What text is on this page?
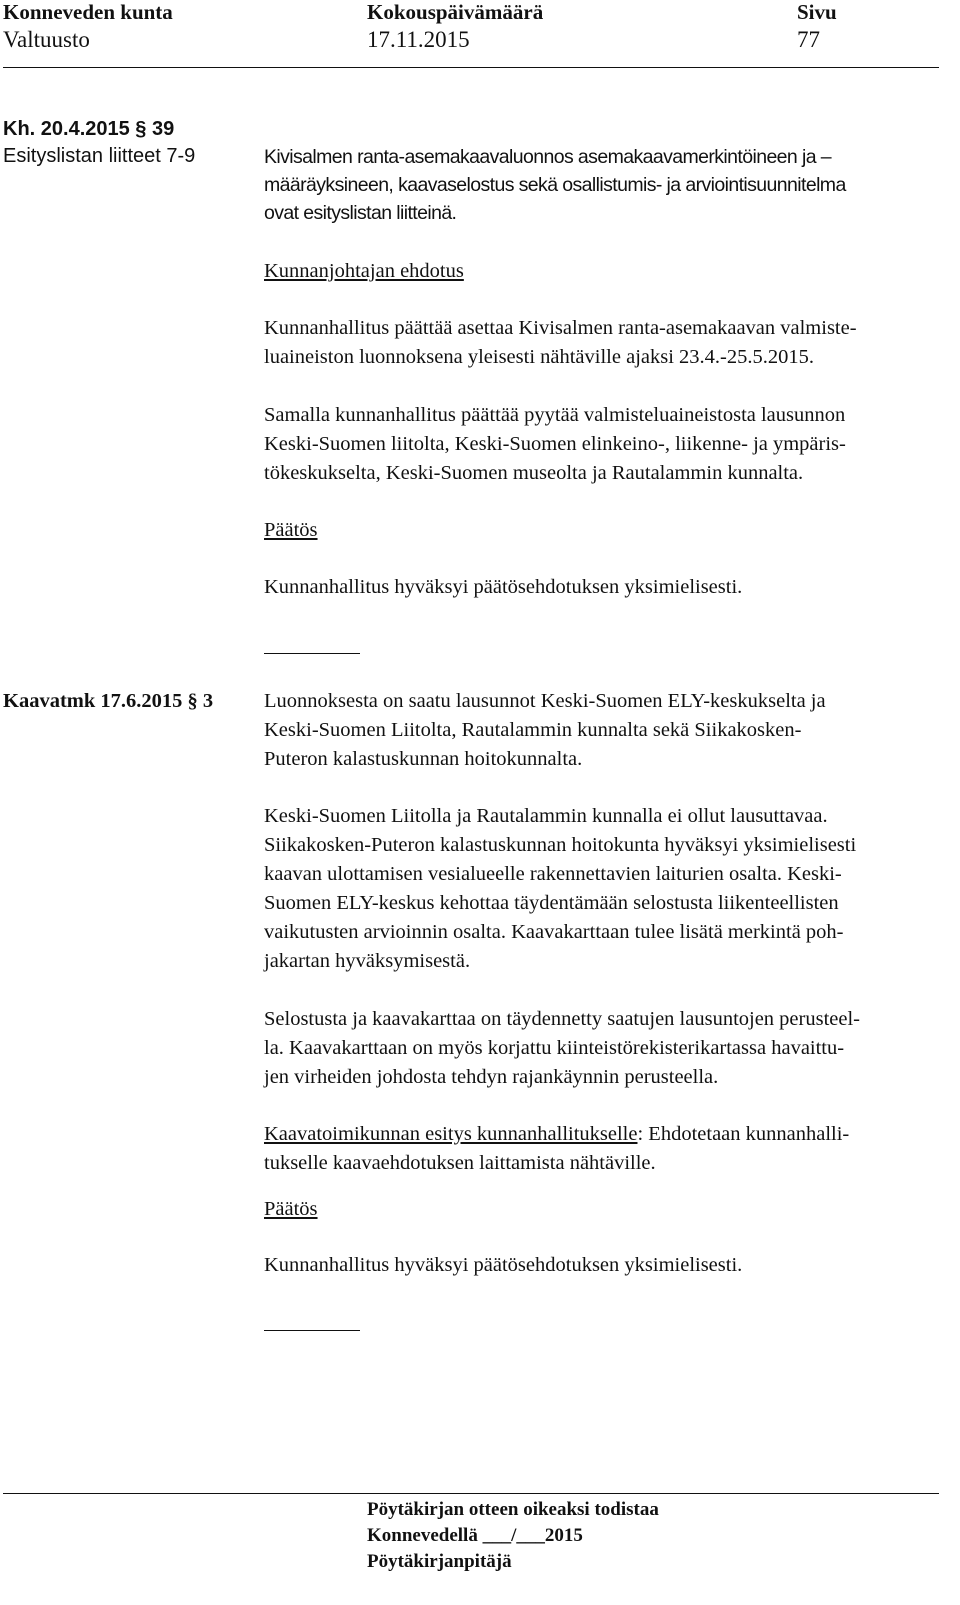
Konneveden kunta
Valtuusto
Kokouspäivämäärä
17.11.2015
Sivu
77
Kh. 20.4.2015 § 39
Esityslistan liitteet 7-9	Kivisalmen ranta-asemakaavaluonnos asemakaavamerkintöineen ja –
määräyksineen, kaavaselostus sekä osallistumis- ja arviointisuunnitelma
ovat esityslistan liitteinä.
Kunnanjohtajan ehdotus
Kunnanhallitus päättää asettaa Kivisalmen ranta-asemakaavan valmiste-
luaineiston luonnoksena yleisesti nähtäville ajaksi 23.4.-25.5.2015.
Samalla kunnanhallitus päättää pyytää valmisteluaineistosta lausunnon
Keski-Suomen liitolta, Keski-Suomen elinkeino-, liikenne- ja ympäris-
tökeskukselta, Keski-Suomen museolta ja Rautalammin kunnalta.
Päätös
Kunnanhallitus hyväksyi päätösehdotuksen yksimielisesti.
Kaavatmk 17.6.2015 § 3 Luonnoksesta on saatu lausunnot Keski-Suomen ELY-keskukselta ja
Keski-Suomen Liitolta, Rautalammin kunnalta sekä Siikakosken-
Puteron kalastuskunnan hoitokunnalta.
Keski-Suomen Liitolla ja Rautalammin kunnalla ei ollut lausuttavaa.
Siikakosken-Puteron kalastuskunnan hoitokunta hyväksyi yksimielisesti
kaavan ulottamisen vesialueelle rakennettavien laiturien osalta. Keski-
Suomen ELY-keskus kehottaa täydentämään selostusta liikenteellisten
vaikutusten arvioinnin osalta. Kaavakarttaan tulee lisätä merkintä poh-
jakartan hyväksymisestä.
Selostusta ja kaavakarttaa on täydennetty saatujen lausuntojen perusteel-
la. Kaavakarttaan on myös korjattu kiinteistörekisterikartassa havaittu-
jen virheiden johdosta tehdyn rajankäynnin perusteella.
Kaavatoimikunnan esitys kunnanhallitukselle: Ehdotetaan kunnanhalli-
tukselle kaavaehdotuksen laittamista nähtäville.
Päätös
Kunnanhallitus hyväksyi päätösehdotuksen yksimielisesti.
Pöytäkirjan otteen oikeaksi todistaa
Konnevedellä ___/___2015
Pöytäkirjanpitäjä
